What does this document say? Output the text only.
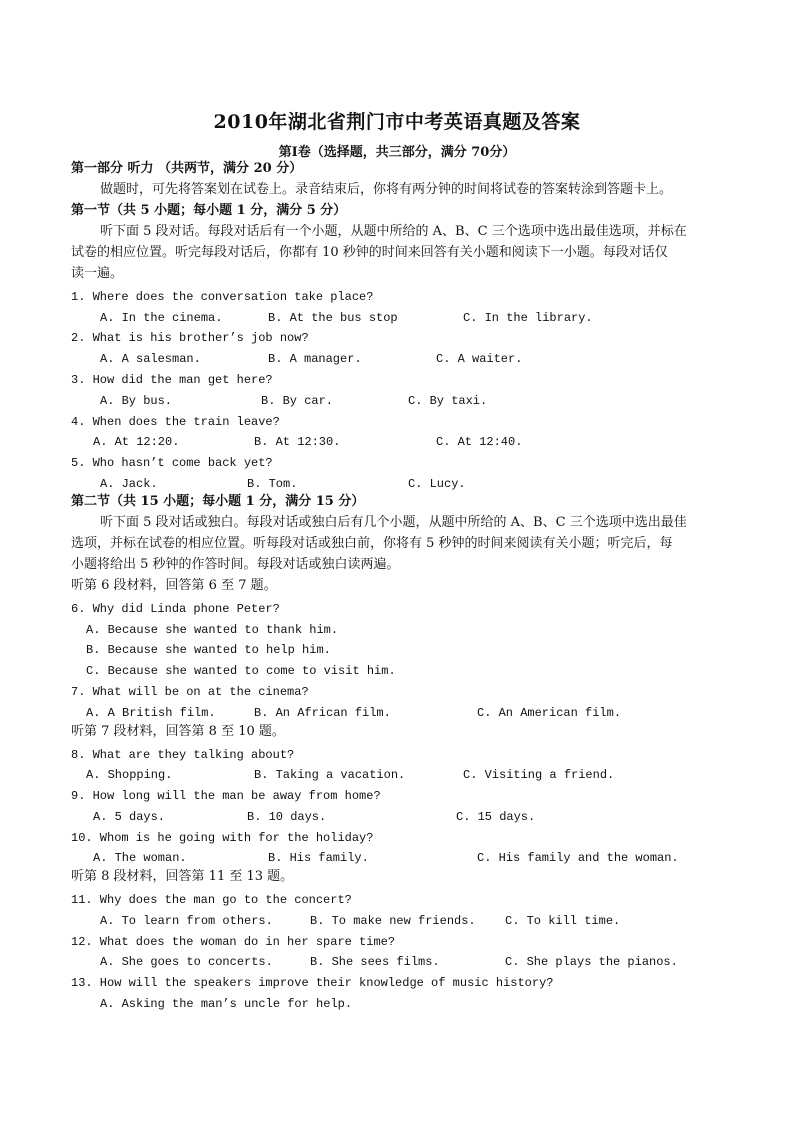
2010年湖北省荆门市中考英语真题及答案
第Ⅰ卷（选择题，共三部分，满分 70分）
第一部分 听力 （共两节，满分 20 分）
做题时，可先将答案划在试卷上。录音结束后，你将有两分钟的时间将试卷的答案转涂到答题卡上。
第一节（共 5 小题；每小题 1 分，满分 5 分）
听下面 5 段对话。每段对话后有一个小题，从题中所给的 A、B、C 三个选项中选出最佳选项，并标在
试卷的相应位置。听完每段对话后，你都有 10 秒钟的时间来回答有关小题和阅读下一小题。每段对话仅
读一遍。
1. Where does the conversation take place?
A. In the cinema.	B. At the bus stop	C. In the library.
2. What is his brother’s job now?
A. A salesman.	B. A manager.	C. A waiter.
3. How did the man get here?
A. By bus.	B. By car.	C. By taxi.
4. When does the train leave?
A. At 12:20.	B. At 12:30.	C. At 12:40.
5. Who hasn’t come back yet?
A. Jack.	B. Tom.	C. Lucy.
第二节（共 15 小题；每小题 1 分，满分 15 分）
听下面 5 段对话或独白。每段对话或独白后有几个小题，从题中所给的 A、B、C 三个选项中选出最佳
选项，并标在试卷的相应位置。听每段对话或独白前，你将有 5 秒钟的时间来阅读有关小题；听完后，每
小题将给出 5 秒钟的作答时间。每段对话或独白读两遍。
听第 6 段材料，回答第 6 至 7 题。
6. Why did Linda phone Peter?
A. Because she wanted to thank him.
B. Because she wanted to help him.
C. Because she wanted to come to visit him.
7. What will be on at the cinema?
A. A British film.	B. An African film.	C. An American film.
听第 7 段材料，回答第 8 至 10 题。
8. What are they talking about?
A. Shopping.	B. Taking a vacation.	C. Visiting a friend.
9. How long will the man be away from home?
A. 5 days.	B. 10 days.	C. 15 days.
10. Whom is he going with for the holiday?
A. The woman.	B. His family.	C. His family and the woman.
听第 8 段材料，回答第 11 至 13 题。
11. Why does the man go to the concert?
A. To learn from others.	B. To make new friends. C. To kill time.
12. What does the woman do in her spare time?
A. She goes to concerts.	B. She sees films.	C. She plays the pianos.
13. How will the speakers improve their knowledge of music history?
A. Asking the man’s uncle for help.
